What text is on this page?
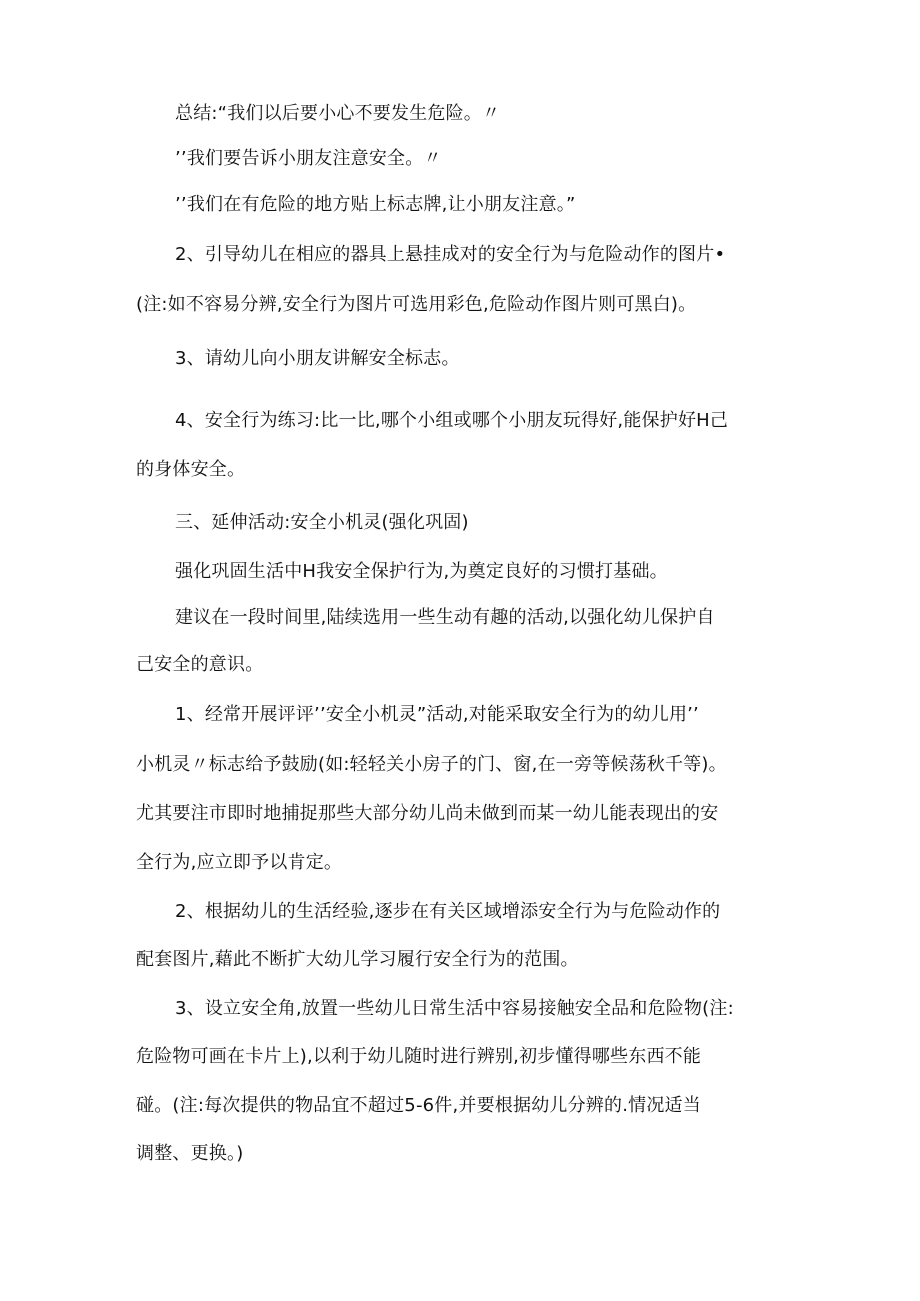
总结:“我们以后要小心不要发生危险。〃
’’我们要告诉小朋友注意安全。〃
’’我们在有危险的地方贴上标志牌,让小朋友注意。”
2、引导幼儿在相应的器具上悬挂成对的安全行为与危险动作的图片•
(注:如不容易分辨,安全行为图片可选用彩色,危险动作图片则可黑白)。
3、请幼儿向小朋友讲解安全标志。
4、安全行为练习:比一比,哪个小组或哪个小朋友玩得好,能保护好H己
的身体安全。
三、延伸活动:安全小机灵(强化巩固)
强化巩固生活中H我安全保护行为,为奠定良好的习惯打基础。
建议在一段时间里,陆续选用一些生动有趣的活动,以强化幼儿保护自
己安全的意识。
1、经常开展评评’’安全小机灵”活动,对能采取安全行为的幼儿用’’
小机灵〃标志给予鼓励(如:轻轻关小房子的门、窗,在一旁等候荡秋千等)。
尤其要注市即时地捕捉那些大部分幼儿尚未做到而某一幼儿能表现出的安
全行为,应立即予以肯定。
2、根据幼儿的生活经验,逐步在有关区域增添安全行为与危险动作的
配套图片,藉此不断扩大幼儿学习履行安全行为的范围。
3、设立安全角,放置一些幼儿日常生活中容易接触安全品和危险物(注:
危险物可画在卡片上),以利于幼儿随时进行辨别,初步懂得哪些东西不能
碰。(注:每次提供的物品宜不超过5-6件,并要根据幼儿分辨的.情况适当
调整、更换。)
